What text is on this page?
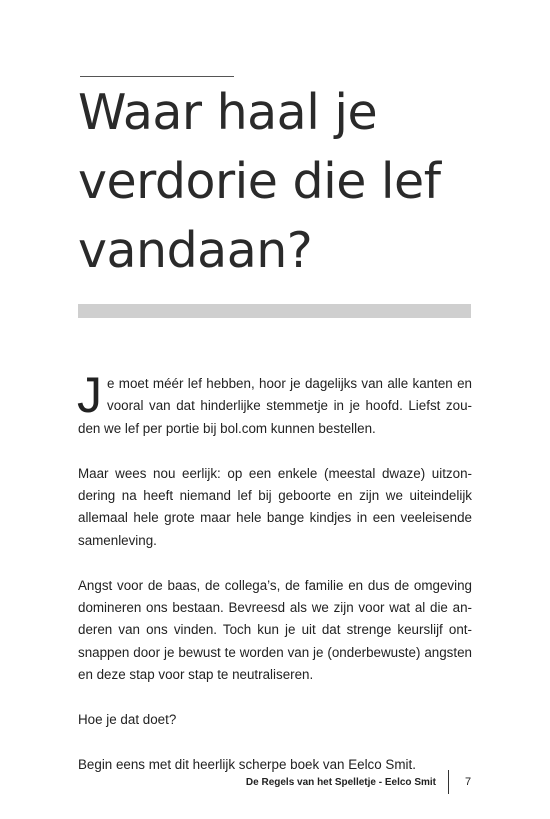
Waar haal je
verdorie die lef
vandaan?

Je moet méér lef hebben, hoor je dagelijks van alle kanten en vooral van dat hinderlijke stemmetje in je hoofd. Liefst zouden we lef per portie bij bol.com kunnen bestellen.

Maar wees nou eerlijk: op een enkele (meestal dwaze) uitzondering na heeft niemand lef bij geboorte en zijn we uiteindelijk allemaal hele grote maar hele bange kindjes in een veeleisende samenleving.

Angst voor de baas, de collega’s, de familie en dus de omgeving domineren ons bestaan. Bevreesd als we zijn voor wat al die anderen van ons vinden. Toch kun je uit dat strenge keurslijf ontsnappen door je bewust te worden van je (onderbewuste) angsten en deze stap voor stap te neutraliseren.

Hoe je dat doet?

Begin eens met dit heerlijk scherpe boek van Eelco Smit.

De Regels van het Spelletje - Eelco Smit	7
